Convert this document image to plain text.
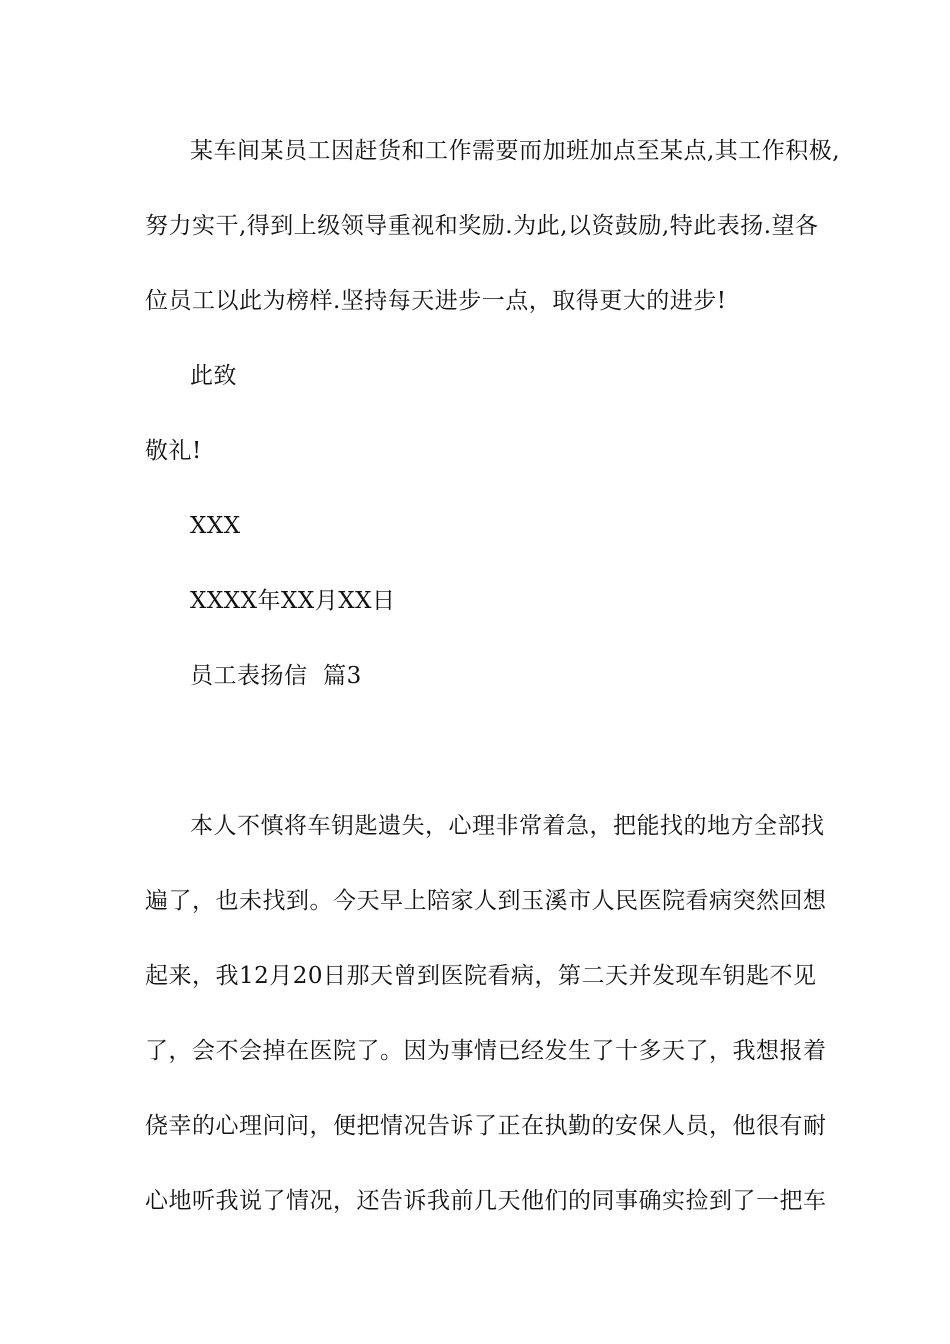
某车间某员工因赶货和工作需要而加班加点至某点,其工作积极,
努力实干,得到上级领导重视和奖励.为此,以资鼓励,特此表扬.望各
位员工以此为榜样.坚持每天进步一点，取得更大的进步!
此致
敬礼!
XXX
XXXX年XX月XX日
员工表扬信  篇3
本人不慎将车钥匙遗失，心理非常着急，把能找的地方全部找
遍了，也未找到。今天早上陪家人到玉溪市人民医院看病突然回想
起来，我12月20日那天曾到医院看病，第二天并发现车钥匙不见
了，会不会掉在医院了。因为事情已经发生了十多天了，我想报着
侥幸的心理问问，便把情况告诉了正在执勤的安保人员，他很有耐
心地听我说了情况，还告诉我前几天他们的同事确实捡到了一把车
